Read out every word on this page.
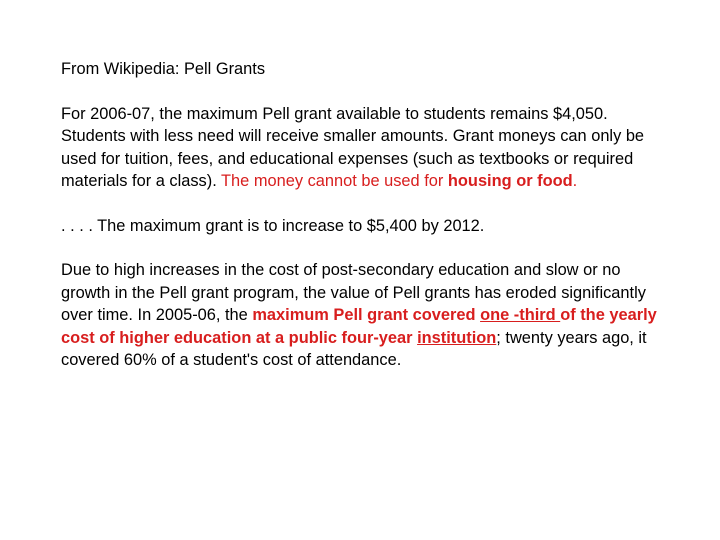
From Wikipedia: Pell Grants

For 2006-07, the maximum Pell grant available to students remains $4,050. Students with less need will receive smaller amounts. Grant moneys can only be used for tuition, fees, and educational expenses (such as textbooks or required materials for a class). The money cannot be used for housing or food.

. . . . The maximum grant is to increase to $5,400 by 2012.

Due to high increases in the cost of post-secondary education and slow or no growth in the Pell grant program, the value of Pell grants has eroded significantly over time. In 2005-06, the maximum Pell grant covered one -third of the yearly cost of higher education at a public four-year institution; twenty years ago, it covered 60% of a student's cost of attendance.
